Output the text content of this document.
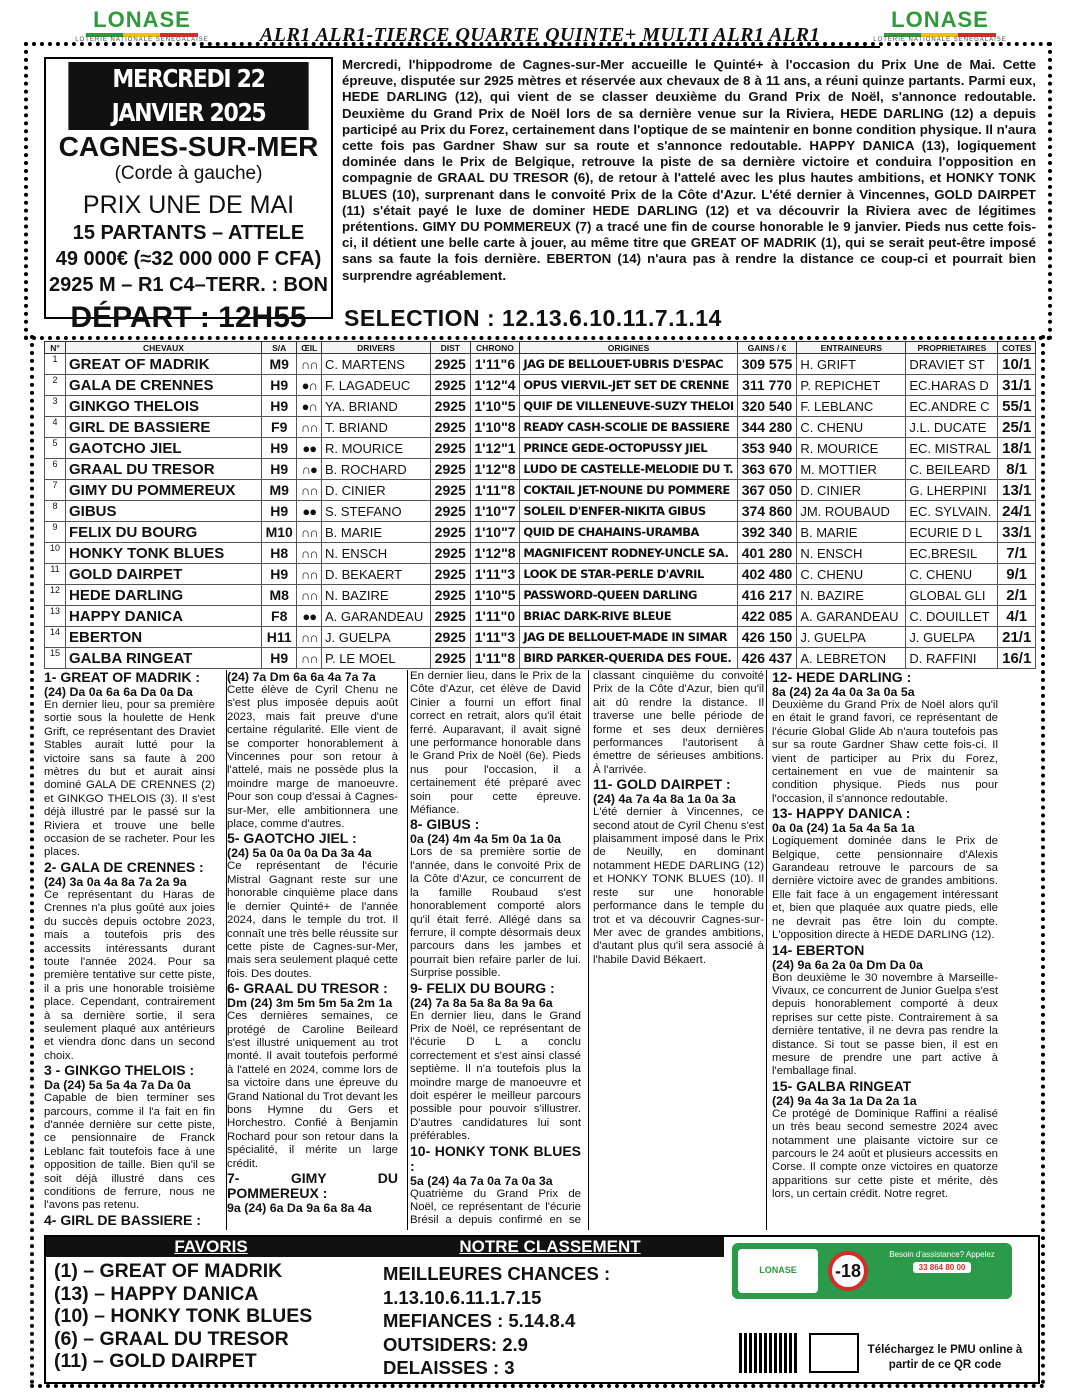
LONASE
LOTERIE NATIONALE SENEGALAISE
LONASE
LOTERIE NATIONALE SENEGALAISE
ALR1 ALR1-TIERCE QUARTE QUINTE+ MULTI ALR1 ALR1
MERCREDI 22 JANVIER 2025
CAGNES-SUR-MER
(Corde à gauche)
PRIX UNE DE MAI
15 PARTANTS – ATTELE
49 000€ (≈32 000 000 F CFA)
2925 M – R1 C4–TERR. : BON
DÉPART : 12H55
Mercredi, l'hippodrome de Cagnes-sur-Mer accueille le Quinté+ à l'occasion du Prix Une de Mai. Cette épreuve, disputée sur 2925 mètres et réservée aux chevaux de 8 à 11 ans, a réuni quinze partants. Parmi eux, HEDE DARLING (12), qui vient de se classer deuxième du Grand Prix de Noël, s'annonce redoutable. Deuxième du Grand Prix de Noël lors de sa dernière venue sur la Riviera, HEDE DARLING (12) a depuis participé au Prix du Forez, certainement dans l'optique de se maintenir en bonne condition physique. Il n'aura cette fois pas Gardner Shaw sur sa route et s'annonce redoutable. HAPPY DANICA (13), logiquement dominée dans le Prix de Belgique, retrouve la piste de sa dernière victoire et conduira l'opposition en compagnie de GRAAL DU TRESOR (6), de retour à l'attelé avec les plus hautes ambitions, et HONKY TONK BLUES (10), surprenant dans le convoité Prix de la Côte d'Azur. L'été dernier à Vincennes, GOLD DAIRPET (11) s'était payé le luxe de dominer HEDE DARLING (12) et va découvrir la Riviera avec de légitimes prétentions. GIMY DU POMMEREUX (7) a tracé une fin de course honorable le 9 janvier. Pieds nus cette fois-ci, il détient une belle carte à jouer, au même titre que GREAT OF MADRIK (1), qui se serait peut-être imposé sans sa faute la fois dernière. EBERTON (14) n'aura pas à rendre la distance ce coup-ci et pourrait bien surprendre agréablement.
SELECTION : 12.13.6.10.11.7.1.14
N°	CHEVAUX	S/A	ŒIL	DRIVERS	DIST	CHRONO	ORIGINES	GAINS / €	ENTRAINEURS	PROPRIETAIRES	COTES
1	GREAT OF MADRIK	M9	∩∩	C. MARTENS	2925	1'11"6	JAG DE BELLOUET-UBRIS D'ESPAC	309 575	H. GRIFT	DRAVIET ST	10/1
2	GALA DE CRENNES	H9	●∩	F. LAGADEUC	2925	1'12"4	OPUS VIERVIL-JET SET DE CRENNE	311 770	P. REPICHET	EC.HARAS D	31/1
3	GINKGO THELOIS	H9	●∩	YA. BRIAND	2925	1'10"5	QUIF DE VILLENEUVE-SUZY THELOI	320 540	F. LEBLANC	EC.ANDRE C	55/1
4	GIRL DE BASSIERE	F9	∩∩	T. BRIAND	2925	1'10"8	READY CASH-SCOLIE DE BASSIERE	344 280	C. CHENU	J.L. DUCATE	25/1
5	GAOTCHO JIEL	H9	●●	R. MOURICE	2925	1'12"1	PRINCE GEDE-OCTOPUSSY JIEL	353 940	R. MOURICE	EC. MISTRAL	18/1
6	GRAAL DU TRESOR	H9	∩●	B. ROCHARD	2925	1'12"8	LUDO DE CASTELLE-MELODIE DU T.	363 670	M. MOTTIER	C. BEILEARD	8/1
7	GIMY DU POMMEREUX	M9	∩∩	D. CINIER	2925	1'11"8	COKTAIL JET-NOUNE DU POMMERE	367 050	D. CINIER	G. LHERPINI	13/1
8	GIBUS	H9	●●	S. STEFANO	2925	1'10"7	SOLEIL D'ENFER-NIKITA GIBUS	374 860	JM. ROUBAUD	EC. SYLVAIN.	24/1
9	FELIX DU BOURG	M10	∩∩	B. MARIE	2925	1'10"7	QUID DE CHAHAINS-URAMBA	392 340	B. MARIE	ECURIE D L	33/1
10	HONKY TONK BLUES	H8	∩∩	N. ENSCH	2925	1'12"8	MAGNIFICENT RODNEY-UNCLE SA.	401 280	N. ENSCH	EC.BRESIL	7/1
11	GOLD DAIRPET	H9	∩∩	D. BEKAERT	2925	1'11"3	LOOK DE STAR-PERLE D'AVRIL	402 480	C. CHENU	C. CHENU	9/1
12	HEDE DARLING	M8	∩∩	N. BAZIRE	2925	1'10"5	PASSWORD-QUEEN DARLING	416 217	N. BAZIRE	GLOBAL GLI	2/1
13	HAPPY DANICA	F8	●●	A. GARANDEAU	2925	1'11"0	BRIAC DARK-RIVE BLEUE	422 085	A. GARANDEAU	C. DOUILLET	4/1
14	EBERTON	H11	∩∩	J. GUELPA	2925	1'11"3	JAG DE BELLOUET-MADE IN SIMAR	426 150	J. GUELPA	J. GUELPA	21/1
15	GALBA RINGEAT	H9	∩∩	P. LE MOEL	2925	1'11"8	BIRD PARKER-QUERIDA DES FOUE.	426 437	A. LEBRETON	D. RAFFINI	16/1
1- GREAT OF MADRIK :
(24) Da 0a 6a 6a Da 0a Da

En dernier lieu, pour sa première sortie sous la houlette de Henk Grift, ce représentant des Draviet Stables aurait lutté pour la victoire sans sa faute à 200 mètres du but et aurait ainsi dominé GALA DE CRENNES (2) et GINKGO THELOIS (3). Il s'est déjà illustré par le passé sur la Riviera et trouve une belle occasion de se racheter. Pour les places.

2- GALA DE CRENNES :
(24) 3a 0a 4a 8a 7a 2a 9a

Ce représentant du Haras de Crennes n'a plus goûté aux joies du succès depuis octobre 2023, mais a toutefois pris des accessits intéressants durant toute l'année 2024. Pour sa première tentative sur cette piste, il a pris une honorable troisième place. Cependant, contrairement à sa dernière sortie, il sera seulement plaqué aux antérieurs et viendra donc dans un second choix.

3 - GINKGO THELOIS :
Da (24) 5a 5a 4a 7a Da 0a

Capable de bien terminer ses parcours, comme il l'a fait en fin d'année dernière sur cette piste, ce pensionnaire de Franck Leblanc fait toutefois face à une opposition de taille. Bien qu'il se soit déjà illustré dans ces conditions de ferrure, nous ne l'avons pas retenu.

4- GIRL DE BASSIERE :
(24) 7a Dm 6a 6a 4a 7a 7a

Cette élève de Cyril Chenu ne s'est plus imposée depuis août 2023, mais fait preuve d'une certaine régularité. Elle vient de se comporter honorablement à Vincennes pour son retour à l'attelé, mais ne possède plus la moindre marge de manoeuvre. Pour son coup d'essai à Cagnes-sur-Mer, elle ambitionnera une place, comme d'autres.

5- GAOTCHO JIEL :
(24) 5a 0a 0a 0a Da 3a 4a

Ce représentant de l'écurie Mistral Gagnant reste sur une honorable cinquième place dans le dernier Quinté+ de l'année 2024, dans le temple du trot. Il connaît une très belle réussite sur cette piste de Cagnes-sur-Mer, mais sera seulement plaqué cette fois. Des doutes.

6- GRAAL DU TRESOR :
Dm (24) 3m 5m 5m 5a 2m 1a

Ces dernières semaines, ce protégé de Caroline Beileard s'est illustré uniquement au trot monté. Il avait toutefois performé à l'attelé en 2024, comme lors de sa victoire dans une épreuve du Grand National du Trot devant les bons Hymne du Gers et Horchestro. Confié à Benjamin Rochard pour son retour dans la spécialité, il mérite un large crédit.

7- GIMY DU POMMEREUX :
9a (24) 6a Da 9a 6a 8a 4a

En dernier lieu, dans le Prix de la Côte d'Azur, cet élève de David Cinier a fourni un effort final correct en retrait, alors qu'il était ferré. Auparavant, il avait signé une performance honorable dans le Grand Prix de Noël (6e). Pieds nus pour l'occasion, il a certainement été préparé avec soin pour cette épreuve. Méfiance.

8- GIBUS :
0a (24) 4m 4a 5m 0a 1a 0a

Lors de sa première sortie de l'année, dans le convoité Prix de la Côte d'Azur, ce concurrent de la famille Roubaud s'est honorablement comporté alors qu'il était ferré. Allégé dans sa ferrure, il compte désormais deux parcours dans les jambes et pourrait bien refaire parler de lui. Surprise possible.

9- FELIX DU BOURG :
(24) 7a 8a 5a 8a 8a 9a 6a

En dernier lieu, dans le Grand Prix de Noël, ce représentant de l'écurie D L a conclu correctement et s'est ainsi classé septième. Il n'a toutefois plus la moindre marge de manoeuvre et doit espérer le meilleur parcours possible pour pouvoir s'illustrer. D'autres candidatures lui sont préférables.

10- HONKY TONK BLUES :
5a (24) 4a 7a 0a 7a 0a 3a

Quatrième du Grand Prix de Noël, ce représentant de l'écurie Brésil a depuis confirmé en se classant cinquième du convoité Prix de la Côte d'Azur, bien qu'il ait dû rendre la distance. Il traverse une belle période de forme et ses deux dernières performances l'autorisent à émettre de sérieuses ambitions. À l'arrivée.

11- GOLD DAIRPET :
(24) 4a 7a 4a 8a 1a 0a 3a

L'été dernier à Vincennes, ce second atout de Cyril Chenu s'est plaisamment imposé dans le Prix de Neuilly, en dominant notamment HEDE DARLING (12) et HONKY TONK BLUES (10). Il reste sur une honorable performance dans le temple du trot et va découvrir Cagnes-sur-Mer avec de grandes ambitions, d'autant plus qu'il sera associé à l'habile David Békaert.

12- HEDE DARLING :
8a (24) 2a 4a 0a 3a 0a 5a

Deuxième du Grand Prix de Noël alors qu'il en était le grand favori, ce représentant de l'écurie Global Glide Ab n'aura toutefois pas sur sa route Gardner Shaw cette fois-ci. Il vient de participer au Prix du Forez, certainement en vue de maintenir sa condition physique. Pieds nus pour l'occasion, il s'annonce redoutable.

13- HAPPY DANICA :
0a 0a (24) 1a 5a 4a 5a 1a

Logiquement dominée dans le Prix de Belgique, cette pensionnaire d'Alexis Garandeau retrouve le parcours de sa dernière victoire avec de grandes ambitions. Elle fait face à un engagement intéressant et, bien que plaquée aux quatre pieds, elle ne devrait pas être loin du compte. L'opposition directe à HEDE DARLING (12).

14- EBERTON
(24) 9a 6a 2a 0a Dm Da 0a

Bon deuxième le 30 novembre à Marseille-Vivaux, ce concurrent de Junior Guelpa s'est depuis honorablement comporté à deux reprises sur cette piste. Contrairement à sa dernière tentative, il ne devra pas rendre la distance. Si tout se passe bien, il est en mesure de prendre une part active à l'emballage final.

15- GALBA RINGEAT
(24) 9a 4a 3a 1a Da 2a 1a

Ce protégé de Dominique Raffini a réalisé un très beau second semestre 2024 avec notamment une plaisante victoire sur ce parcours le 24 août et plusieurs accessits en Corse. Il compte onze victoires en quatorze apparitions sur cette piste et mérite, dès lors, un certain crédit. Notre regret.

FAVORIS	NOTRE CLASSEMENT
(1) – GREAT OF MADRIK
(13) – HAPPY DANICA
(10) – HONKY TONK BLUES
(6) – GRAAL DU TRESOR
(11) – GOLD DAIRPET
MEILLEURES CHANCES :
1.13.10.6.11.1.7.15
MEFIANCES : 5.14.8.4
OUTSIDERS: 2.9
DELAISSES : 3

LONASE	-18
Besoin d'assistance? Appelez
33 864 80 00
Téléchargez le PMU online à partir de ce QR code
